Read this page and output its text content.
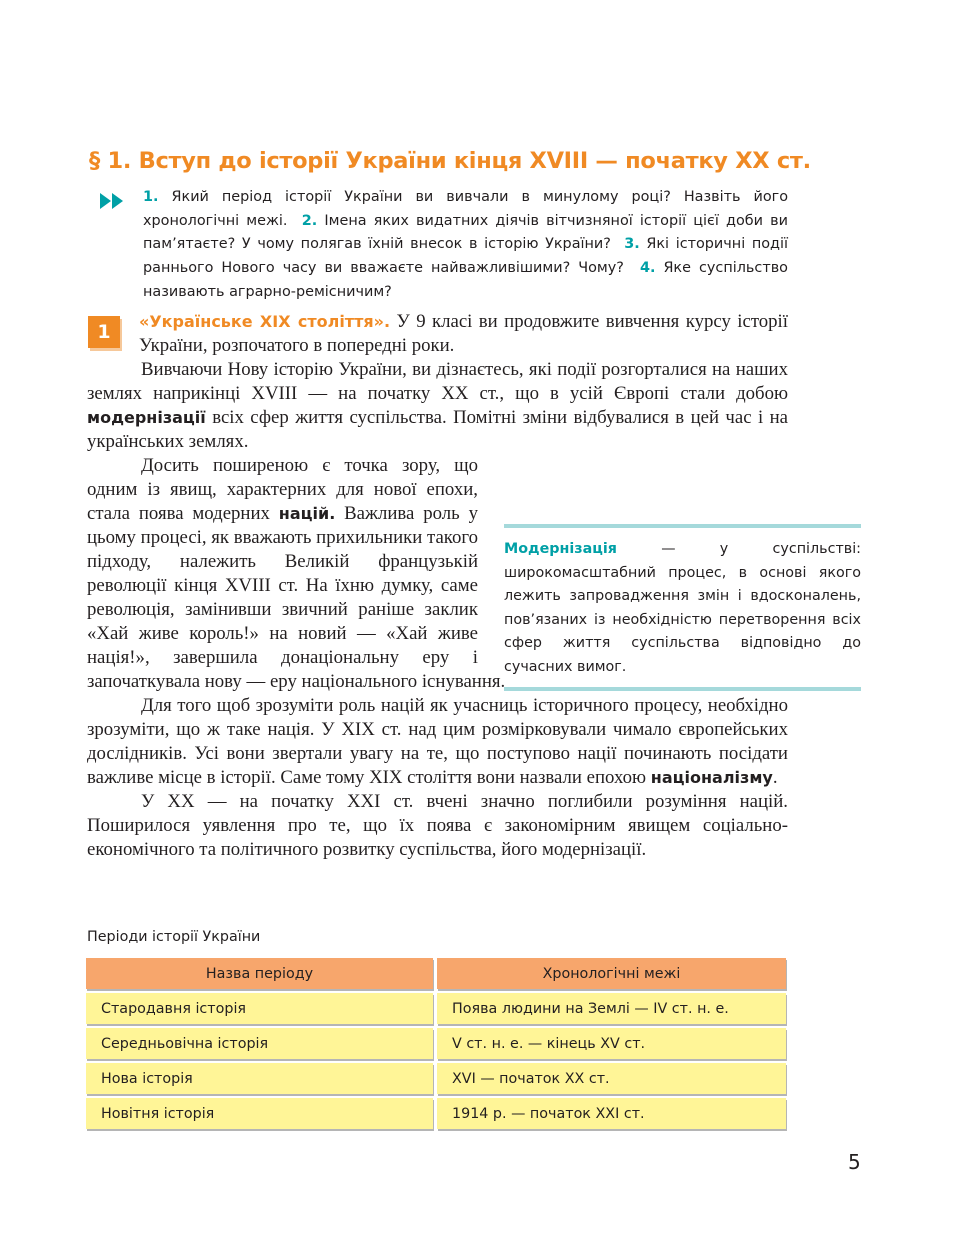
§ 1. Вступ до історії України кінця XVIII — початку XX ст.
1. Який період історії України ви вивчали в минулому році? Назвіть його хронологічні межі. 2. Імена яких видатних діячів вітчизняної історії цієї доби ви пам’ятаєте? У чому полягав їхній внесок в історію України? 3. Які історичні події раннього Нового часу ви вважаєте найважливішими? Чому? 4. Яке суспільство називають аграрно-ремісничим?
1	«Українське XIX століття». У 9 класі ви продовжите вивчення курсу історії України, розпочатого в попередні роки.

Вивчаючи Нову історію України, ви дізнаєтесь, які події розгорталися на наших землях наприкінці XVIII — на початку XX ст., що в усій Європі стали добою модернізації всіх сфер життя суспільства. Помітні зміни відбувалися в цей час і на українських землях.

Досить поширеною є точка зору, що одним із явищ, характерних для нової епохи, стала поява модерних націй. Важлива роль у цьому процесі, як вважають прихильники такого підходу, належить Великій французькій революції кінця XVIII ст. На їхню думку, саме революція, замінивши звичний раніше заклик «Хай живе король!» на новий — «Хай живе нація!», завершила донаціональну еру і започаткувала нову — еру національного існування.

Модернізація — у суспільстві: широкомасштабний процес, в основі якого лежить запровадження змін і вдосконалень, пов’язаних із необхідністю перетворення всіх сфер життя суспільства відповідно до сучасних вимог.

Для того щоб зрозуміти роль націй як учасниць історичного процесу, необхідно зрозуміти, що ж таке нація. У XIX ст. над цим розмірковували чимало європейських дослідників. Усі вони звертали увагу на те, що поступово нації починають посідати важливе місце в історії. Саме тому XIX століття вони назвали епохою націоналізму.

У XX — на початку XXI ст. вчені значно поглибили розуміння націй. Поширилося уявлення про те, що їх поява є закономірним явищем соціально-економічного та політичного розвитку суспільства, його модернізації.

Періоди історії України
Назва періоду	Хронологічні межі
Стародавня історія	Поява людини на Землі — IV ст. н. е.
Середньовічна історія	V ст. н. е. — кінець XV ст.
Нова історія	XVI — початок XX ст.
Новітня історія	1914 р. — початок XXI ст.
5
